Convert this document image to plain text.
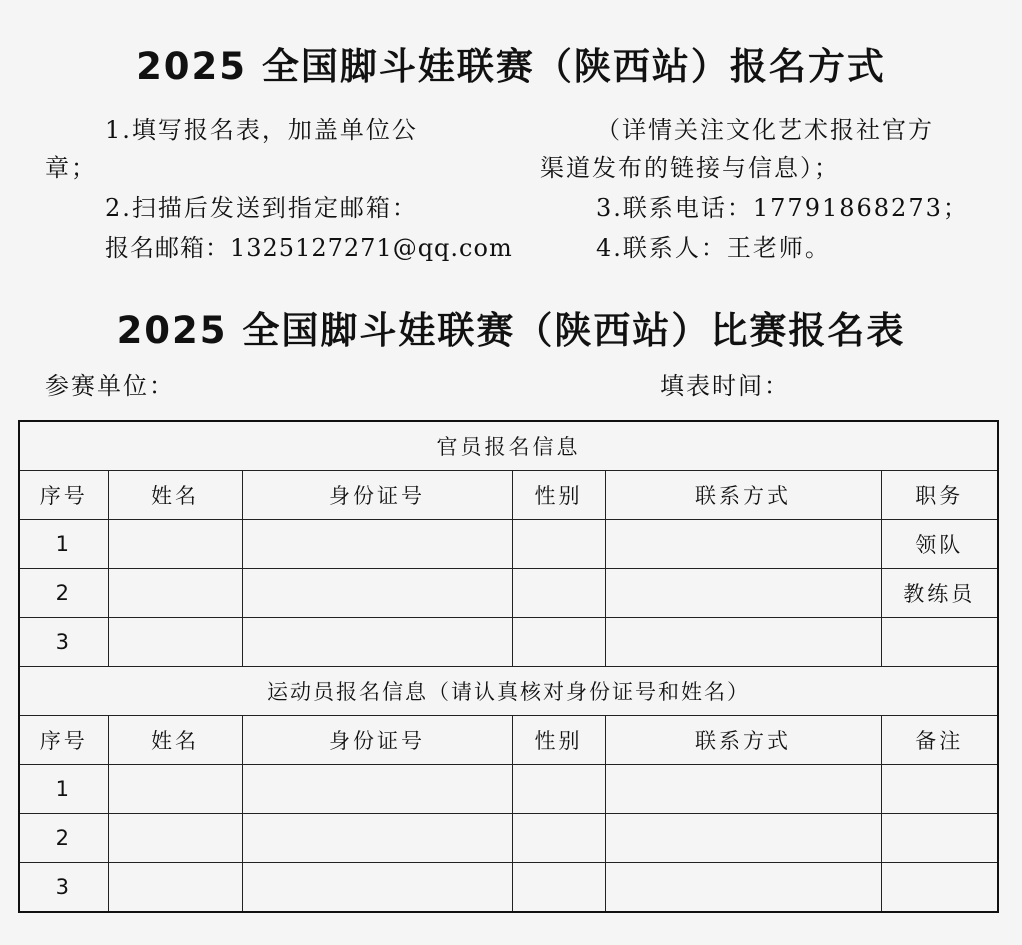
2025 全国脚斗娃联赛（陕西站）报名方式
1.填写报名表，加盖单位公
章；
（详情关注文化艺术报社官方
渠道发布的链接与信息）；
2.扫描后发送到指定邮箱：	3.联系电话：17791868273；
报名邮箱：1325127271@qq.com	4.联系人：王老师。
2025 全国脚斗娃联赛（陕西站）比赛报名表
参赛单位：	填表时间：
官员报名信息					
序号	姓名	身份证号	性别	联系方式	职务
1					领队
2					教练员
3					
运动员报名信息（请认真核对身份证号和姓名）					
序号	姓名	身份证号	性别	联系方式	备注
1					
2					
3					
